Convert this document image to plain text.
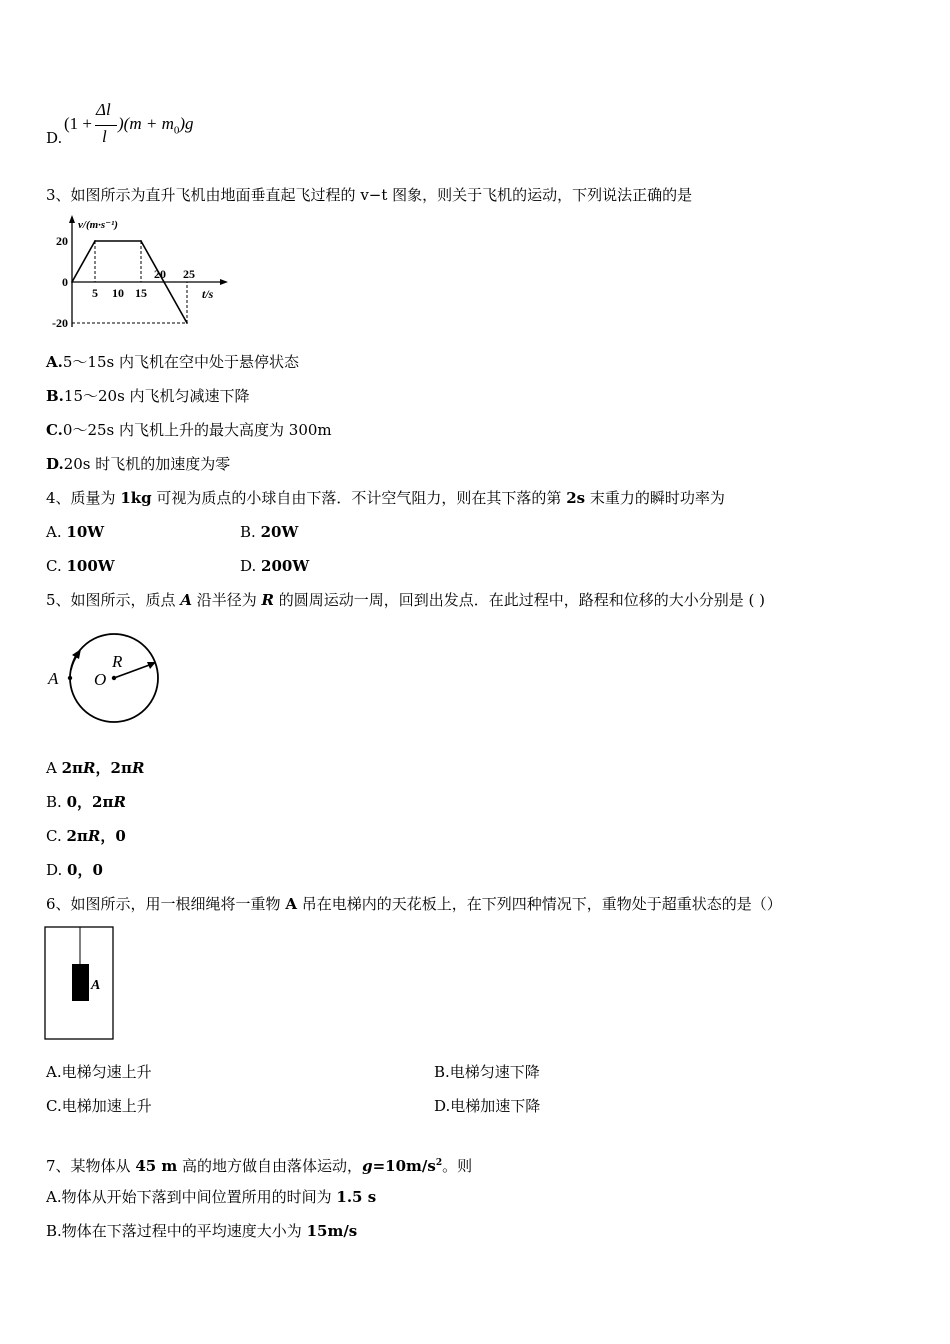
D.
(1 +
Δl
l
)$(m + m_0)g$
3、如图所示为直升飞机由地面垂直起飞过程的 v−t 图象，则关于飞机的运动，下列说法正确的是
v/(m·s⁻¹)
t/s
20
0
-20
5 10 15
20 25
A.5～15s 内飞机在空中处于悬停状态
B.15～20s 内飞机匀减速下降
C.0～25s 内飞机上升的最大高度为 300m
D.20s 时飞机的加速度为零
4、质量为 1kg 可视为质点的小球自由下落．不计空气阻力，则在其下落的第 2s 末重力的瞬时功率为
A. 10W	B. 20W
C. 100W	D. 200W
5、如图所示，质点 A 沿半径为 R 的圆周运动一周，回到出发点．在此过程中，路程和位移的大小分别是 ( )
A O
R
A 2πR，2πR
B. 0，2πR
C. 2πR，0
D. 0，0
6、如图所示，用一根细绳将一重物 A 吊在电梯内的天花板上，在下列四种情况下，重物处于超重状态的是（）
A
A.电梯匀速上升	B.电梯匀速下降
C.电梯加速上升	D.电梯加速下降
7、某物体从 45 m 高的地方做自由落体运动，$g=10m/s^2$。则
A.物体从开始下落到中间位置所用的时间为 1.5 s
B.物体在下落过程中的平均速度大小为 15m/s
